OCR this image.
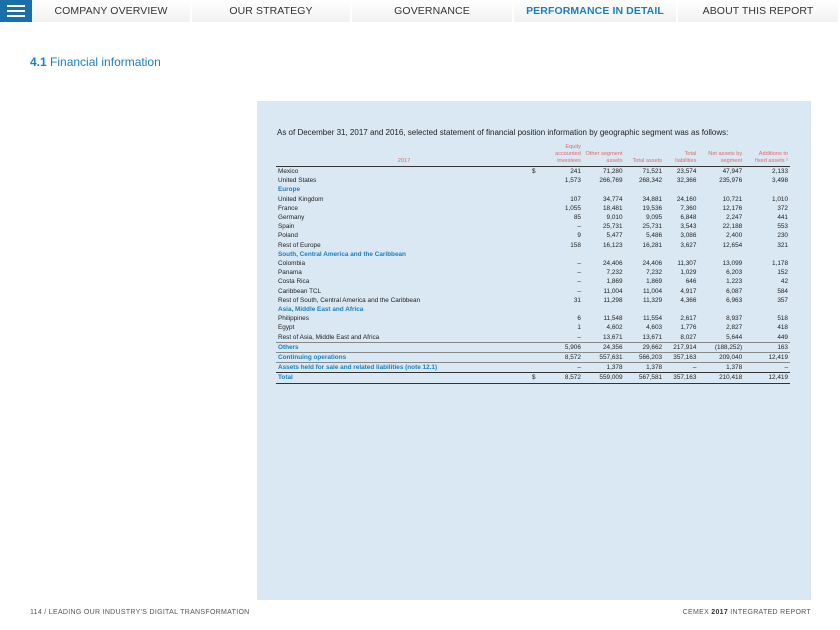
COMPANY OVERVIEW	OUR STRATEGY	GOVERNANCE	PERFORMANCE IN DETAIL	ABOUT THIS REPORT
4.1 Financial information
As of December 31, 2017 and 2016, selected statement of financial position information by geographic segment was as follows:
2017		Equity accounted investees	Other segment assets	Total assets	Total liabilities	Net assets by segment	Additions to fixed assets ¹
Mexico	$	241	71,280	71,521	23,574	47,947	2,133
United States		1,573	266,769	268,342	32,366	235,976	3,498
Europe							
United Kingdom		107	34,774	34,881	24,160	10,721	1,010
France		1,055	18,481	19,536	7,360	12,176	372
Germany		85	9,010	9,095	6,848	2,247	441
Spain		–	25,731	25,731	3,543	22,188	553
Poland		9	5,477	5,486	3,086	2,400	230
Rest of Europe		158	16,123	16,281	3,627	12,654	321
South, Central America and the Caribbean							
Colombia		–	24,406	24,406	11,307	13,099	1,178
Panama		–	7,232	7,232	1,029	6,203	152
Costa Rica		–	1,869	1,869	646	1,223	42
Caribbean TCL		–	11,004	11,004	4,917	6,087	584
Rest of South, Central America and the Caribbean		31	11,298	11,329	4,366	6,963	357
Asia, Middle East and Africa							
Philippines		6	11,548	11,554	2,617	8,937	518
Egypt		1	4,602	4,603	1,776	2,827	418
Rest of Asia, Middle East and Africa		–	13,671	13,671	8,027	5,644	449
Others		5,906	24,356	29,662	217,914	(188,252)	163
Continuing operations		8,572	557,631	566,203	357,163	209,040	12,419
Assets held for sale and related liabilities (note 12.1)		–	1,378	1,378	–	1,378	–
Total	$	8,572	559,009	567,581	357,163	210,418	12,419
114 / LEADING OUR INDUSTRY'S DIGITAL TRANSFORMATION	CEMEX 2017 INTEGRATED REPORT
